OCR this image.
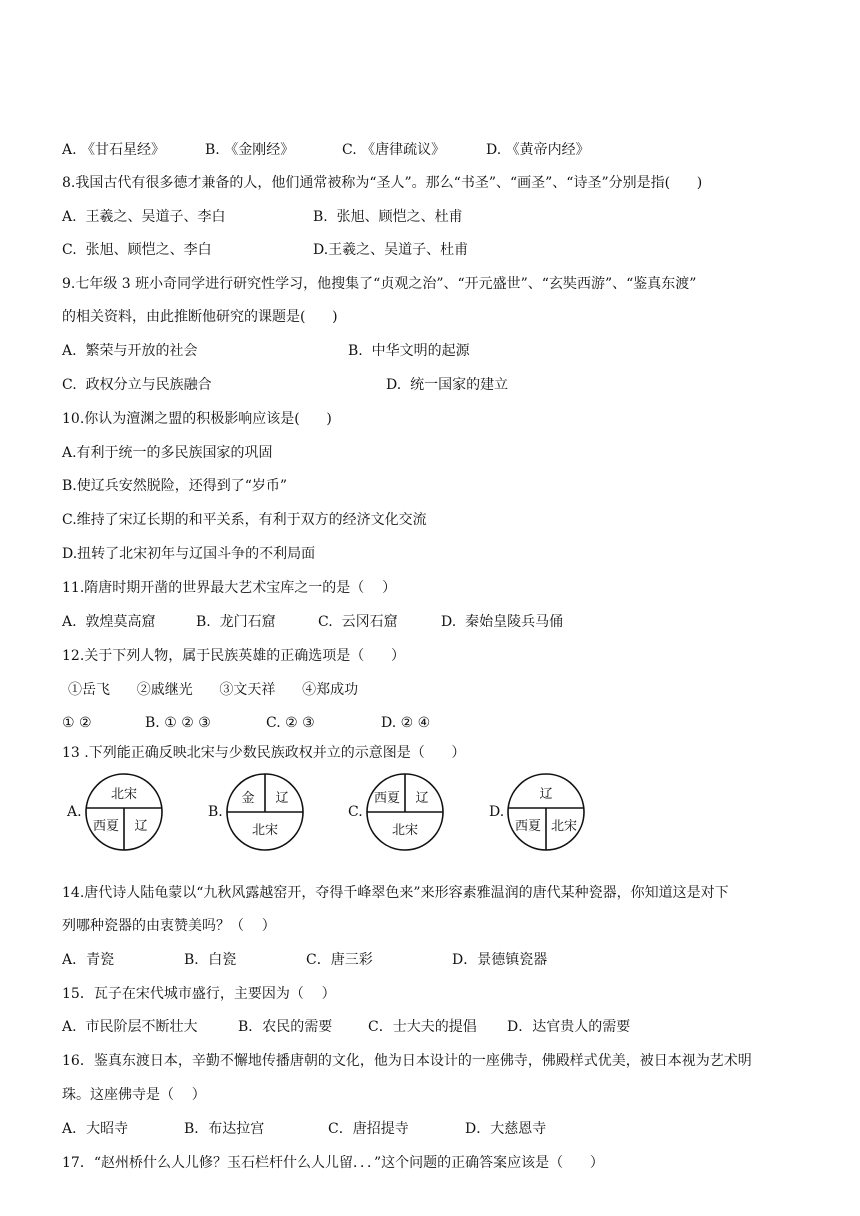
A. 《甘石星经》	B. 《金刚经》	C. 《唐律疏议》	D. 《黄帝内经》
8.我国古代有很多德才兼备的人，他们通常被称为“圣人”。那么“书圣”、“画圣”、“诗圣”分别是指(      )
A.  王羲之、吴道子、李白	B.  张旭、顾恺之、杜甫
C.  张旭、顾恺之、李白	D.王羲之、吴道子、杜甫
9.七年级 3 班小奇同学进行研究性学习，他搜集了“贞观之治”、“开元盛世”、“玄奘西游”、“鉴真东渡”
的相关资料，由此推断他研究的课题是(      )
A.  繁荣与开放的社会	B.  中华文明的起源
C.  政权分立与民族融合	D.  统一国家的建立
10.你认为澶渊之盟的积极影响应该是(      )
A.有利于统一的多民族国家的巩固
B.使辽兵安然脱险，还得到了“岁币”
C.维持了宋辽长期的和平关系，有利于双方的经济文化交流
D.扭转了北宋初年与辽国斗争的不利局面
11.隋唐时期开凿的世界最大艺术宝库之一的是（    ）
A.  敦煌莫高窟	B.  龙门石窟	C.  云冈石窟	D.  秦始皇陵兵马俑
12.关于下列人物，属于民族英雄的正确选项是（      ）
①岳飞      ②戚继光      ③文天祥      ④郑成功
① ②	B. ① ② ③	C. ② ③	D. ② ④
13 .下列能正确反映北宋与少数民族政权并立的示意图是（      ）
A.
北宋
西夏 辽
B.
金 辽
北宋
C.
西夏 辽
北宋
D.
辽
西夏 北宋
14.唐代诗人陆龟蒙以“九秋风露越窑开，夺得千峰翠色来”来形容素雅温润的唐代某种瓷器，你知道这是对下
列哪种瓷器的由衷赞美吗？（    ）
A．青瓷	B．白瓷	C．唐三彩	D．景德镇瓷器
15．瓦子在宋代城市盛行，主要因为（    ）
A.  市民阶层不断壮大	B．农民的需要	C．士大夫的提倡 D．达官贵人的需要
16．鉴真东渡日本，辛勤不懈地传播唐朝的文化，他为日本设计的一座佛寺，佛殿样式优美，被日本视为艺术明
珠。这座佛寺是（    ）
A．大昭寺	B．布达拉宫	C．唐招提寺	D．大慈恩寺
17．“赵州桥什么人儿修？玉石栏杆什么人儿留．．．”这个问题的正确答案应该是（      ）
